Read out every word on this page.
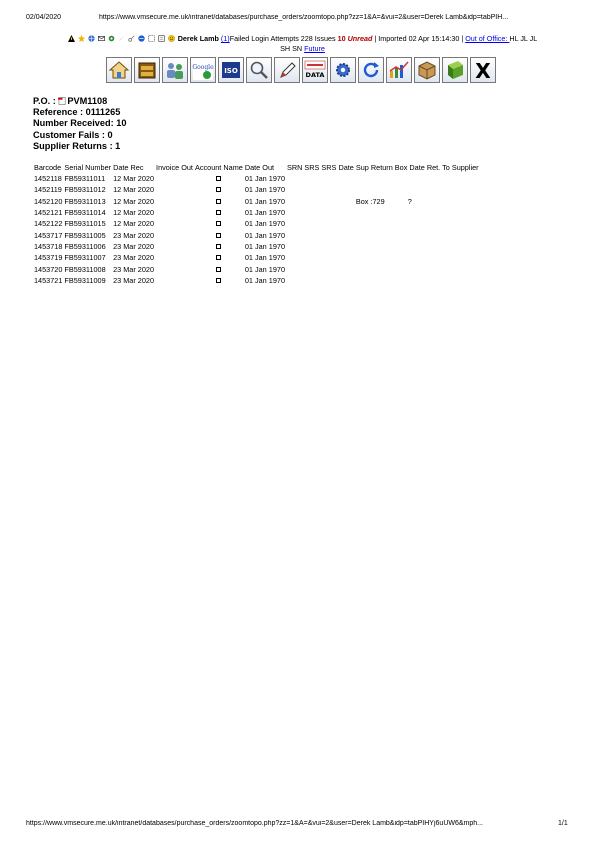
02/04/2020	https://www.vmsecure.me.uk/intranet/databases/purchase_orders/zoomtopo.php?zz=1&A=&vui=2&user=Derek Lamb&idp=tabPIH...
Derek Lamb (1)Failed Login Attempts 228 Issues 10 Unread | Imported 02 Apr 15:14:30 | Out of Office: HL JL JL
SH SN Future
Google ISO	DATA	X
P.O. : PVM1108
Reference : 0111265
Number Received: 10
Customer Fails : 0
Supplier Returns : 1
Barcode	Serial Number	Date Rec	Invoice Out	Account Name	Date Out	SRN	SRS	SRS Date	Sup Return	Box Date	Ret. To Supplier
1452118	FB59311011	12 Mar 2020			01 Jan 1970						
1452119	FB59311012	12 Mar 2020			01 Jan 1970						
1452120	FB59311013	12 Mar 2020			01 Jan 1970				Box :729	?	
1452121	FB59311014	12 Mar 2020			01 Jan 1970						
1452122	FB59311015	12 Mar 2020			01 Jan 1970						
1453717	FB59311005	23 Mar 2020			01 Jan 1970						
1453718	FB59311006	23 Mar 2020			01 Jan 1970						
1453719	FB59311007	23 Mar 2020			01 Jan 1970						
1453720	FB59311008	23 Mar 2020			01 Jan 1970						
1453721	FB59311009	23 Mar 2020			01 Jan 1970						
https://www.vmsecure.me.uk/intranet/databases/purchase_orders/zoomtopo.php?zz=1&A=&vui=2&user=Derek Lamb&idp=tabPIHYj6uUW6&mph...	1/1
